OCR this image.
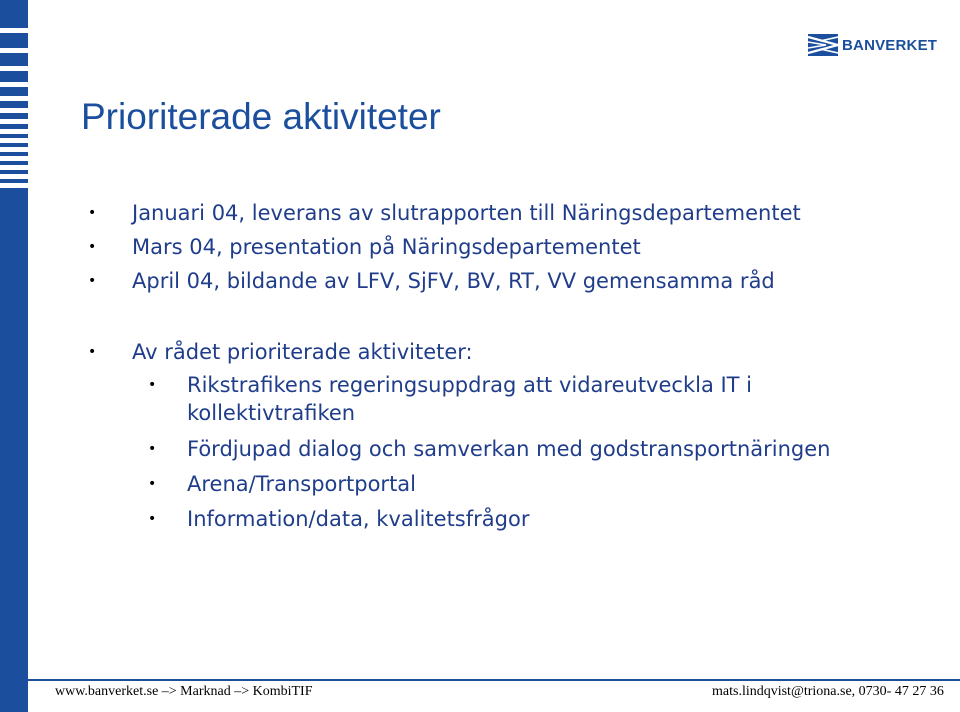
BANVERKET
Prioriterade aktiviteter
• Januari 04, leverans av slutrapporten till Näringsdepartementet
• Mars 04, presentation på Näringsdepartementet
• April 04, bildande av LFV, SjFV, BV, RT, VV gemensamma råd
• Av rådet prioriterade aktiviteter:
• Rikstrafikens regeringsuppdrag att vidareutveckla IT i
kollektivtrafiken
• Fördjupad dialog och samverkan med godstransportnäringen
• Arena/Transportportal
• Information/data, kvalitetsfrågor
www.banverket.se –> Marknad –> KombiTIF	mats.lindqvist@triona.se, 0730- 47 27 36
